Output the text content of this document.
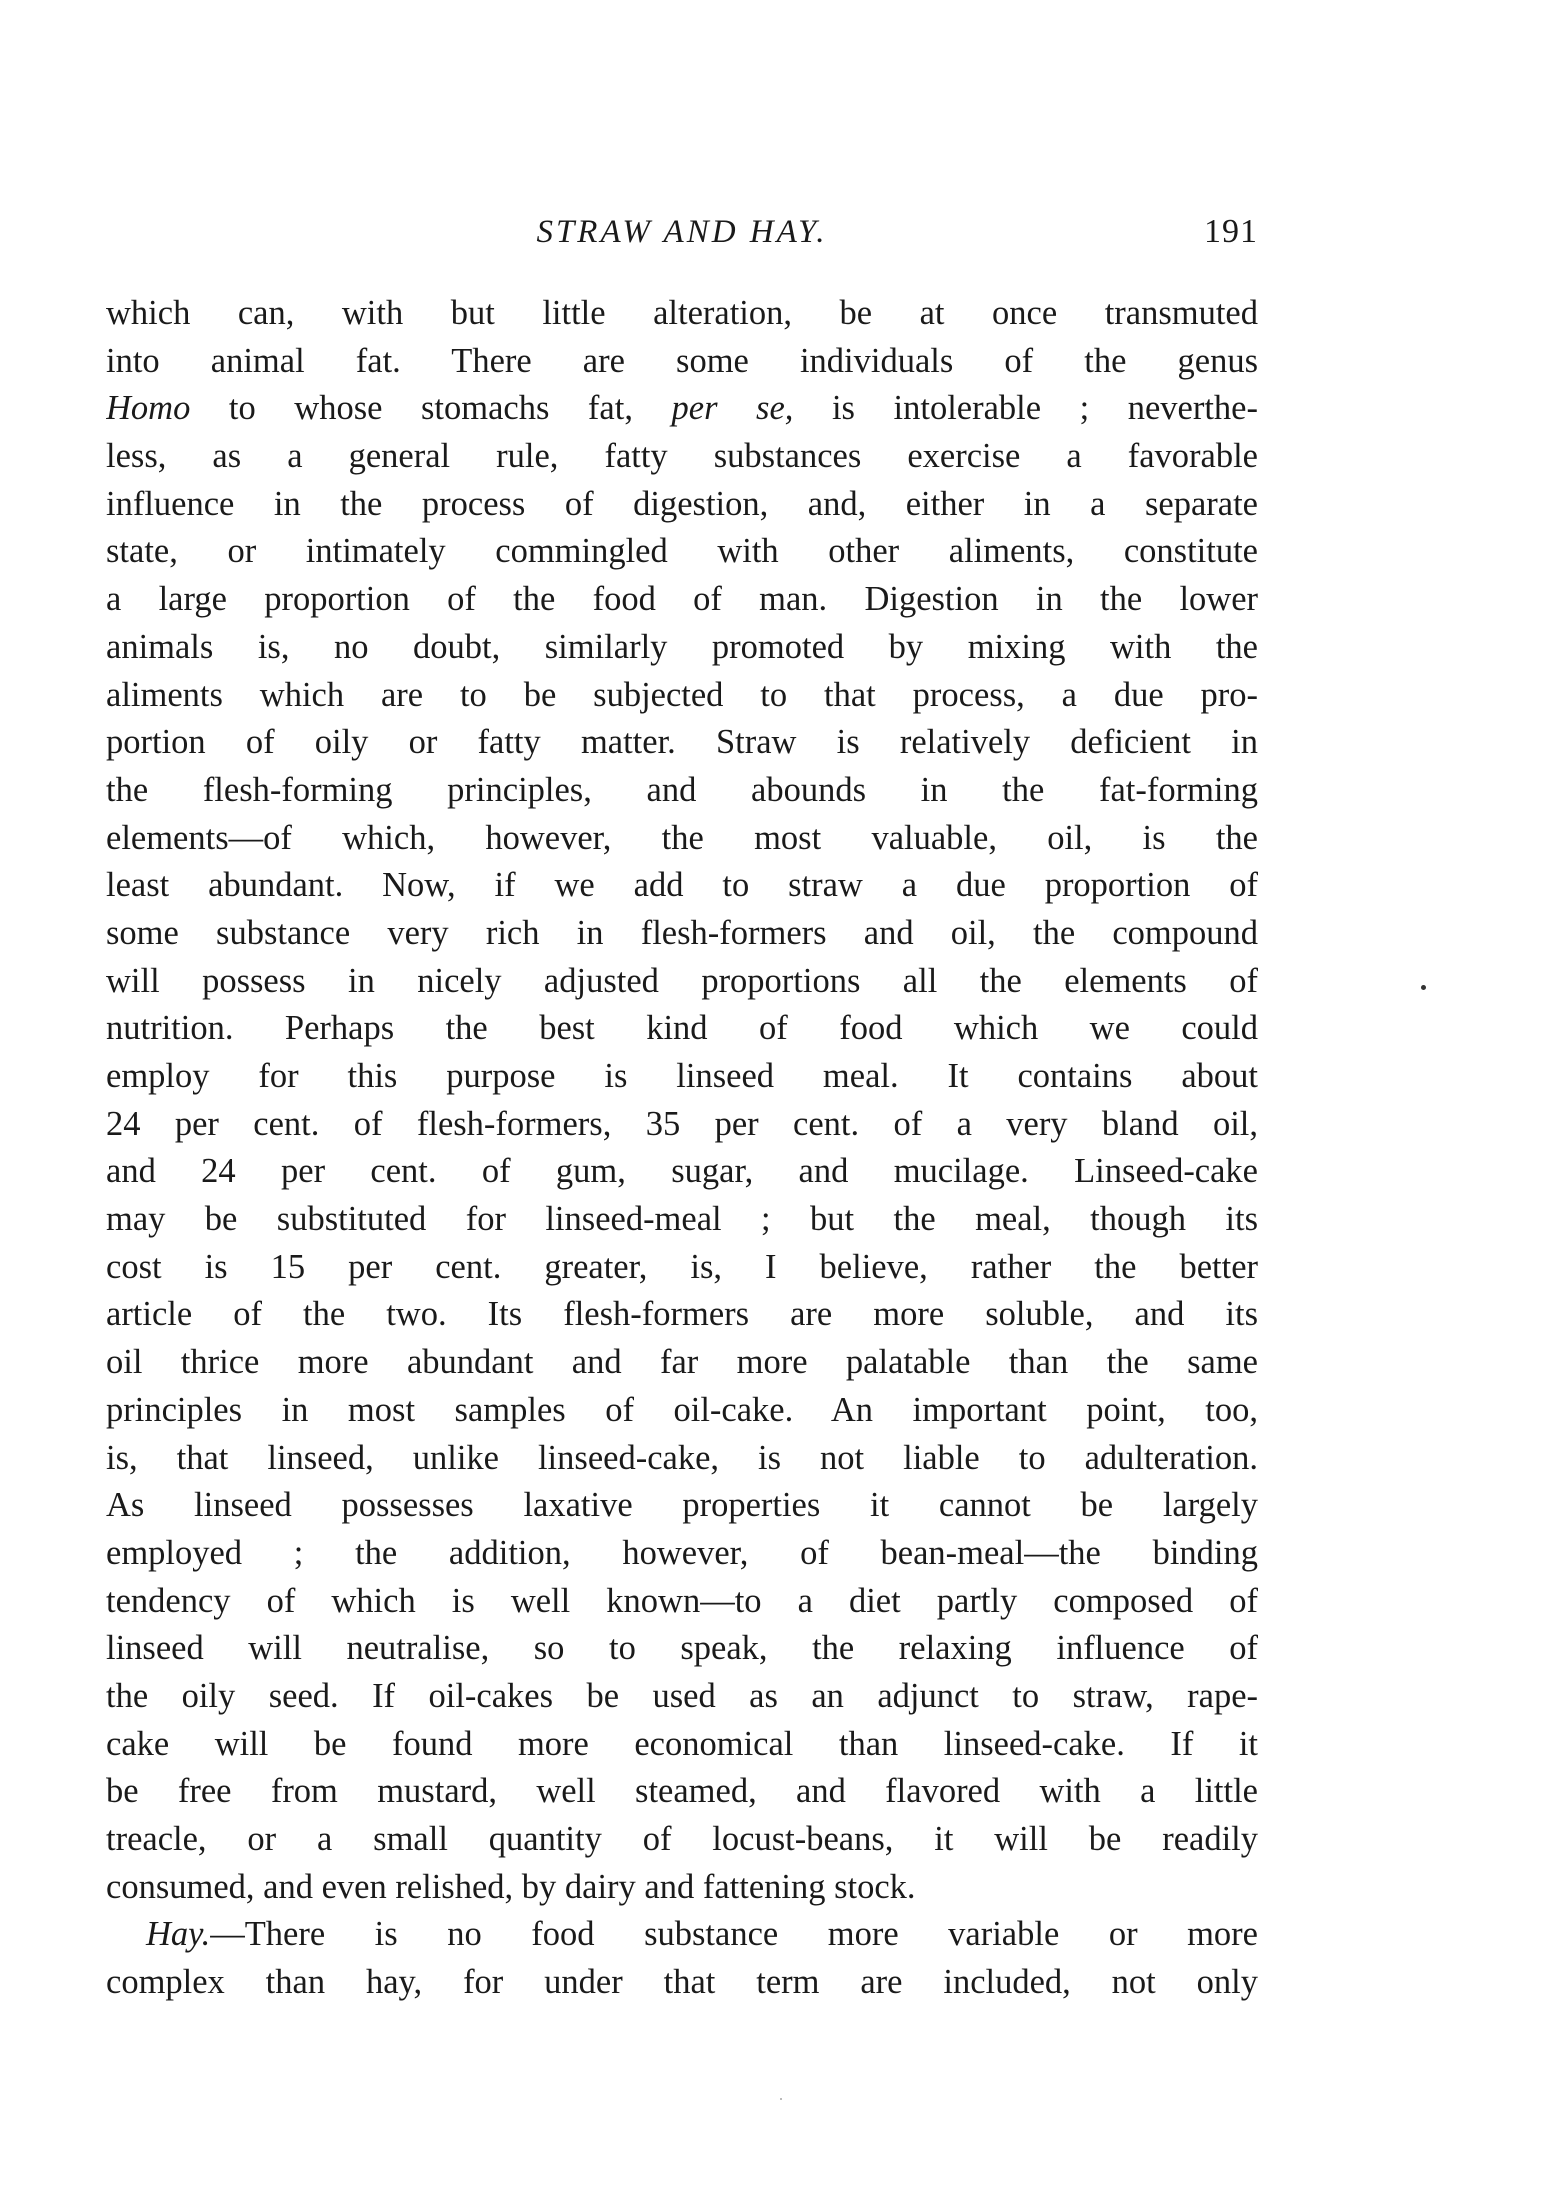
STRAW AND HAY.	191
which can, with but little alteration, be at once transmuted
into animal fat. There are some individuals of the genus
Homo to whose stomachs fat, per se, is intolerable ; neverthe-
less, as a general rule, fatty substances exercise a favorable
influence in the process of digestion, and, either in a separate
state, or intimately commingled with other aliments, constitute
a large proportion of the food of man. Digestion in the lower
animals is, no doubt, similarly promoted by mixing with the
aliments which are to be subjected to that process, a due pro-
portion of oily or fatty matter. Straw is relatively deficient in
the flesh-forming principles, and abounds in the fat-forming
elements—of which, however, the most valuable, oil, is the
least abundant. Now, if we add to straw a due proportion of
some substance very rich in flesh-formers and oil, the compound
will possess in nicely adjusted proportions all the elements of
nutrition. Perhaps the best kind of food which we could
employ for this purpose is linseed meal. It contains about
24 per cent. of flesh-formers, 35 per cent. of a very bland oil,
and 24 per cent. of gum, sugar, and mucilage. Linseed-cake
may be substituted for linseed-meal ; but the meal, though its
cost is 15 per cent. greater, is, I believe, rather the better
article of the two. Its flesh-formers are more soluble, and its
oil thrice more abundant and far more palatable than the same
principles in most samples of oil-cake. An important point, too,
is, that linseed, unlike linseed-cake, is not liable to adulteration.
As linseed possesses laxative properties it cannot be largely
employed ; the addition, however, of bean-meal—the binding
tendency of which is well known—to a diet partly composed of
linseed will neutralise, so to speak, the relaxing influence of
the oily seed. If oil-cakes be used as an adjunct to straw, rape-
cake will be found more economical than linseed-cake. If it
be free from mustard, well steamed, and flavored with a little
treacle, or a small quantity of locust-beans, it will be readily
consumed, and even relished, by dairy and fattening stock.
Hay.—There is no food substance more variable or more
complex than hay, for under that term are included, not only
